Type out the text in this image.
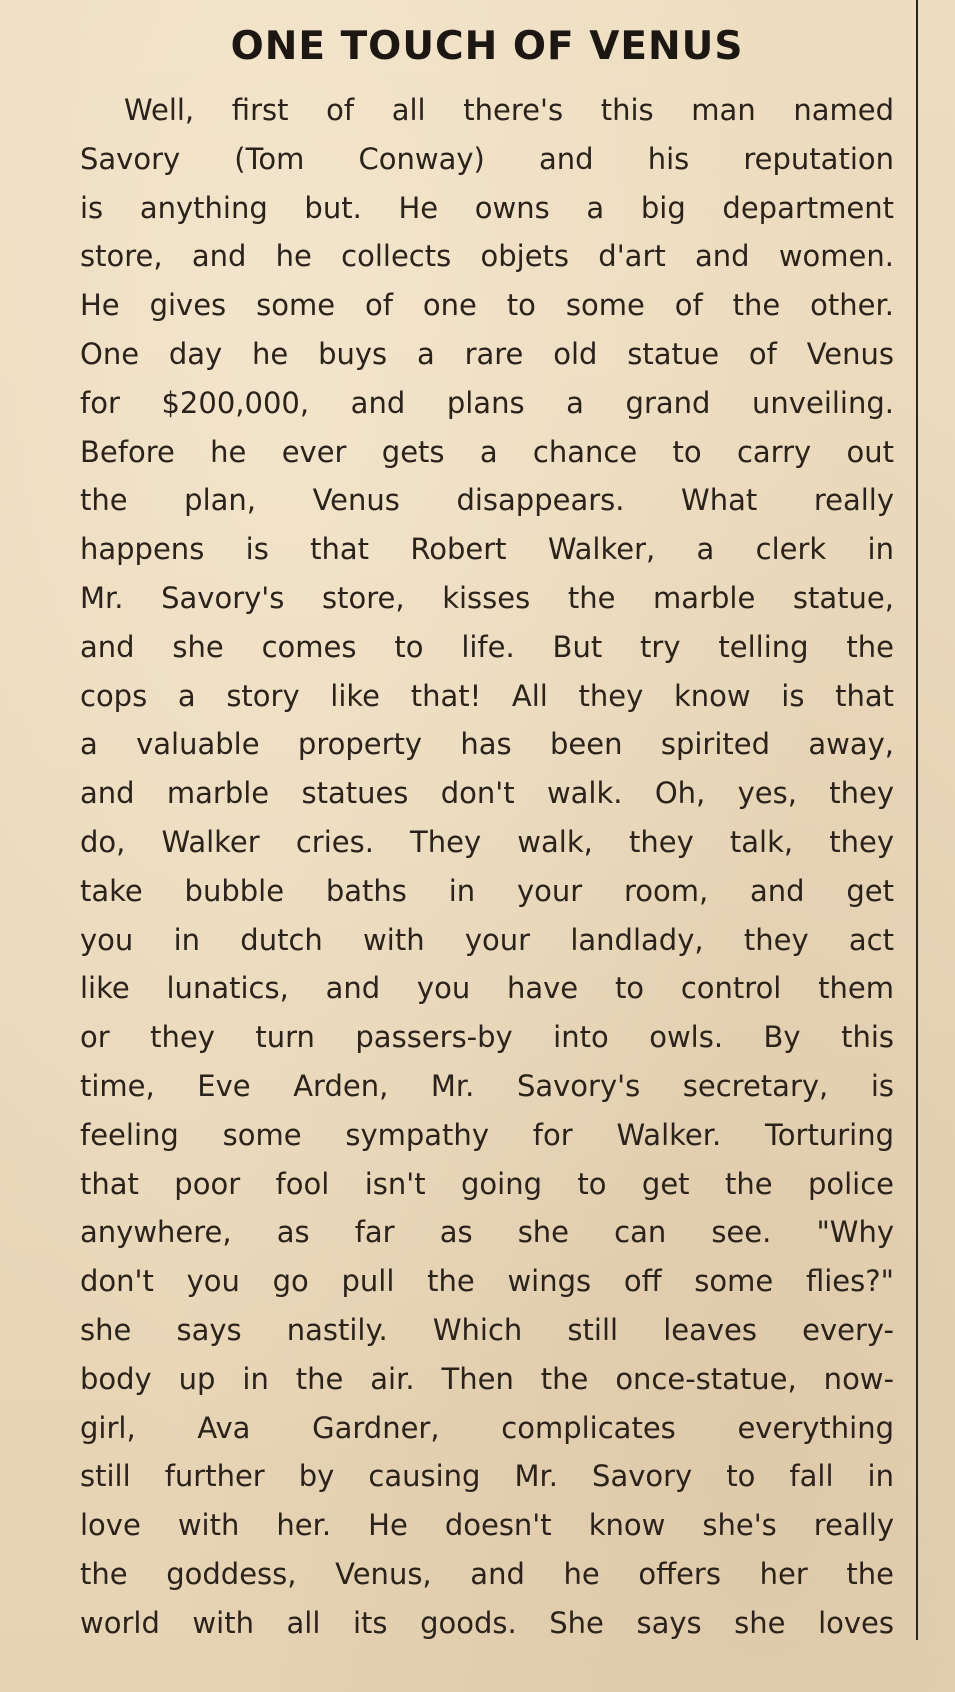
ONE TOUCH OF VENUS
Well, first of all there's this man named
Savory (Tom Conway) and his reputation
is anything but. He owns a big department
store, and he collects objets d'art and women.
He gives some of one to some of the other.
One day he buys a rare old statue of Venus
for $200,000, and plans a grand unveiling.
Before he ever gets a chance to carry out
the plan, Venus disappears. What really
happens is that Robert Walker, a clerk in
Mr. Savory's store, kisses the marble statue,
and she comes to life. But try telling the
cops a story like that! All they know is that
a valuable property has been spirited away,
and marble statues don't walk. Oh, yes, they
do, Walker cries. They walk, they talk, they
take bubble baths in your room, and get
you in dutch with your landlady, they act
like lunatics, and you have to control them
or they turn passers-by into owls. By this
time, Eve Arden, Mr. Savory's secretary, is
feeling some sympathy for Walker. Torturing
that poor fool isn't going to get the police
anywhere, as far as she can see. "Why
don't you go pull the wings off some flies?"
she says nastily. Which still leaves every-
body up in the air. Then the once-statue, now-
girl, Ava Gardner, complicates everything
still further by causing Mr. Savory to fall in
love with her. He doesn't know she's really
the goddess, Venus, and he offers her the
world with all its goods. She says she loves
